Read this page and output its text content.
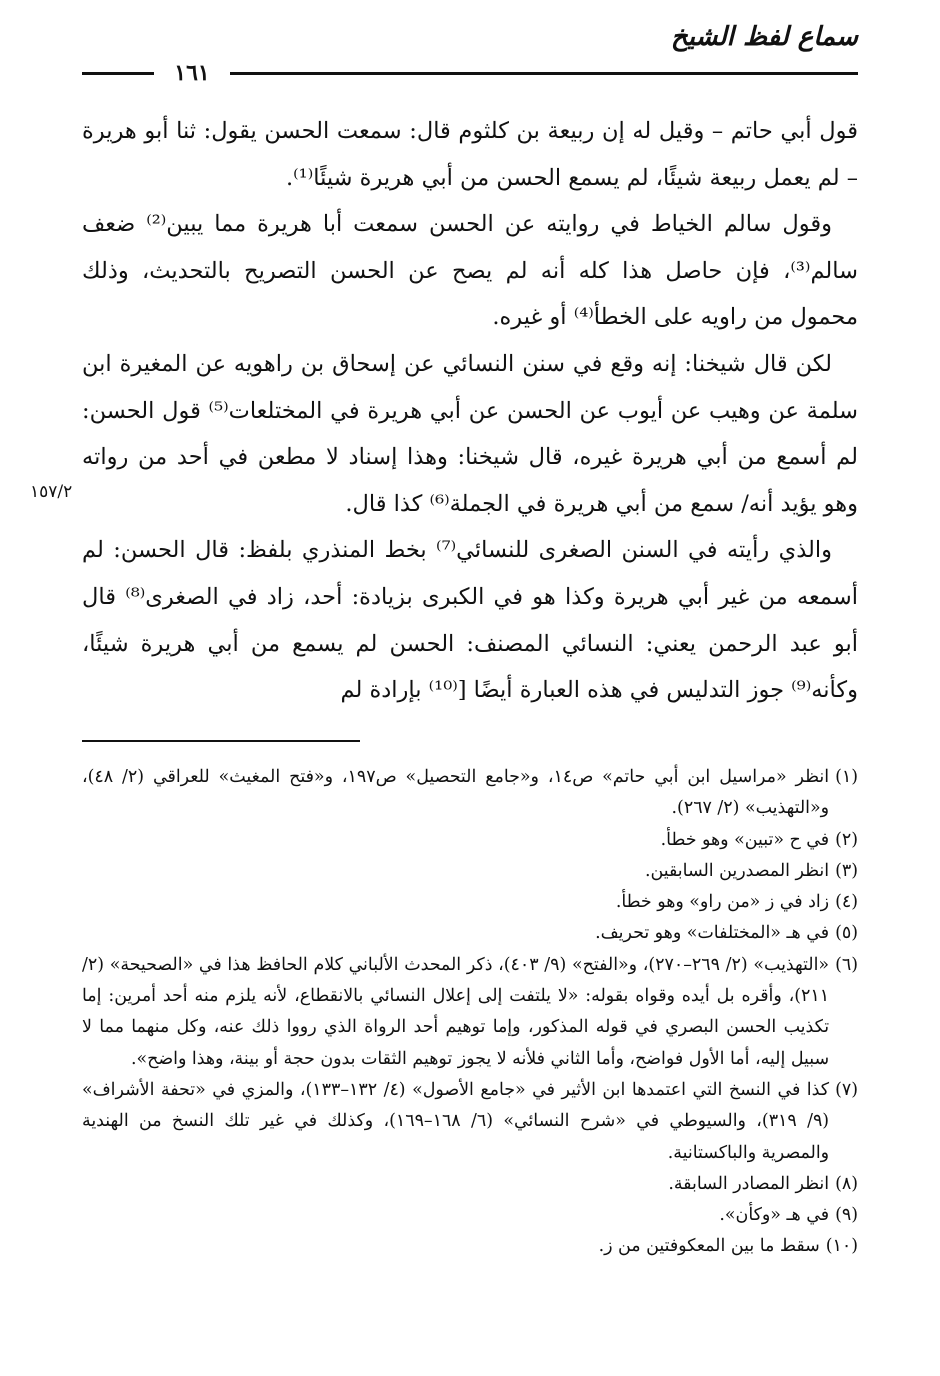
سماع لفظ الشيخ
١٦١

قول أبي حاتم – وقيل له إن ربيعة بن كلثوم قال: سمعت الحسن يقول: ثنا أبو هريرة – لم يعمل ربيعة شيئًا، لم يسمع الحسن من أبي هريرة شيئًا⁽¹⁾.

وقول سالم الخياط في روايته عن الحسن سمعت أبا هريرة مما يبين⁽²⁾ ضعف سالم⁽³⁾، فإن حاصل هذا كله أنه لم يصح عن الحسن التصريح بالتحديث، وذلك محمول من راويه على الخطأ⁽⁴⁾ أو غيره.

لكن قال شيخنا: إنه وقع في سنن النسائي عن إسحاق بن راهويه عن المغيرة ابن سلمة عن وهيب عن أيوب عن الحسن عن أبي هريرة في المختلعات⁽⁵⁾ قول الحسن: لم أسمع من أبي هريرة غيره، قال شيخنا: وهذا إسناد لا مطعن في أحد من رواته وهو يؤيد أنه/ سمع من أبي هريرة في الجملة⁽⁶⁾ كذا قال.

والذي رأيته في السنن الصغرى للنسائي⁽⁷⁾ بخط المنذري بلفظ: قال الحسن: لم أسمعه من غير أبي هريرة وكذا هو في الكبرى بزيادة: أحد، زاد في الصغرى⁽⁸⁾ قال أبو عبد الرحمن يعني: النسائي المصنف: الحسن لم يسمع من أبي هريرة شيئًا، وكأنه⁽⁹⁾ جوز التدليس في هذه العبارة أيضًا [⁽¹⁰⁾ بإرادة لم

١٥٧/٢
(١)
انظر «مراسيل ابن أبي حاتم» ص١٤، و«جامع التحصيل» ص١٩٧، و«فتح المغيث» للعراقي (٢/ ٤٨)، و«التهذيب» (٢/ ٢٦٧).
(٢)
في ح «تبين» وهو خطأ.
(٣)
انظر المصدرين السابقين.
(٤)
زاد في ز «من راو» وهو خطأ.
(٥)
في هـ «المختلفات» وهو تحريف.
(٦)
«التهذيب» (٢/ ٢٦٩–٢٧٠)، و«الفتح» (٩/ ٤٠٣)، ذكر المحدث الألباني كلام الحافظ هذا في «الصحيحة» (٢/ ٢١١)، وأقره بل أيده وقواه بقوله: «لا يلتفت إلى إعلال النسائي بالانقطاع، لأنه يلزم منه أحد أمرين: إما تكذيب الحسن البصري في قوله المذكور، وإما توهيم أحد الرواة الذي رووا ذلك عنه، وكل منهما مما لا سبيل إليه، أما الأول فواضح، وأما الثاني فلأنه لا يجوز توهيم الثقات بدون حجة أو بينة، وهذا واضح».
(٧)
كذا في النسخ التي اعتمدها ابن الأثير في «جامع الأصول» (٤/ ١٣٢–١٣٣)، والمزي في «تحفة الأشراف» (٩/ ٣١٩)، والسيوطي في «شرح النسائي» (٦/ ١٦٨–١٦٩)، وكذلك في غير تلك النسخ من الهندية والمصرية والباكستانية.
(٨)
انظر المصادر السابقة.
(٩)
في هـ «وكأن».
(١٠)
سقط ما بين المعكوفتين من ز.
